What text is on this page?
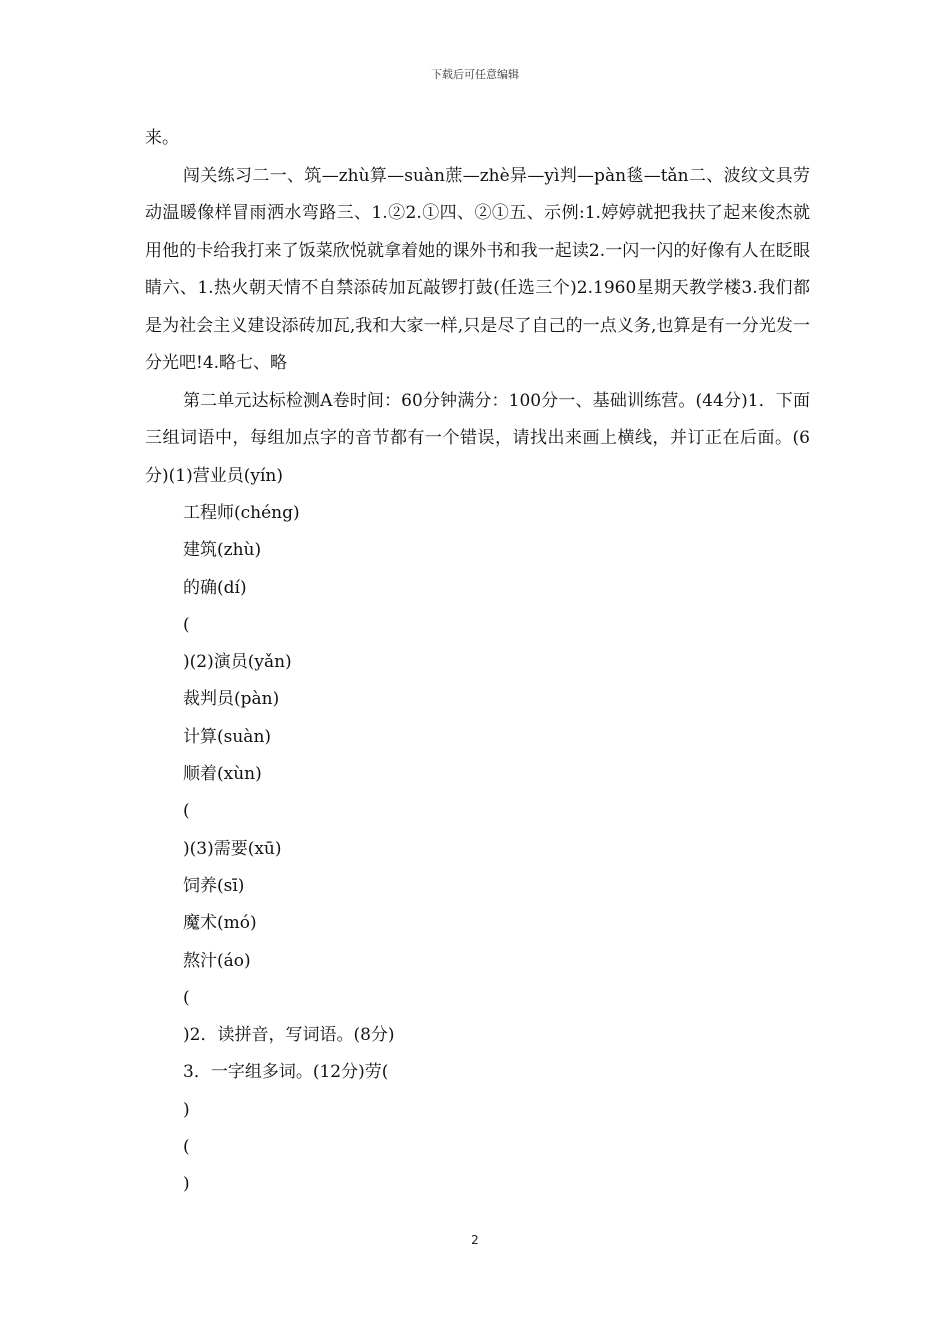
下载后可任意编辑

来。

闯关练习二一、筑—zhù算—suàn蔗—zhè异—yì判—pàn毯—tǎn二、波纹文具劳动温暖像样冒雨洒水弯路三、1.②2.①四、②①五、示例:1.婷婷就把我扶了起来俊杰就用他的卡给我打来了饭菜欣悦就拿着她的课外书和我一起读2.一闪一闪的好像有人在眨眼睛六、1.热火朝天情不自禁添砖加瓦敲锣打鼓(任选三个)2.1960星期天教学楼3.我们都是为社会主义建设添砖加瓦,我和大家一样,只是尽了自己的一点义务,也算是有一分光发一分光吧!4.略七、略

第二单元达标检测A卷时间：60分钟满分：100分一、基础训练营。(44分)1．下面三组词语中，每组加点字的音节都有一个错误，请找出来画上横线，并订正在后面。(6分)(1)营业员(yín)

工程师(chéng)

建筑(zhù)

的确(dí)

(

)(2)演员(yǎn)

裁判员(pàn)

计算(suàn)

顺着(xùn)

(

)(3)需要(xū)

饲养(sī)

魔术(mó)

熬汁(áo)

(

)2．读拼音，写词语。(8分)

3．一字组多词。(12分)劳(

)

(

)

2
